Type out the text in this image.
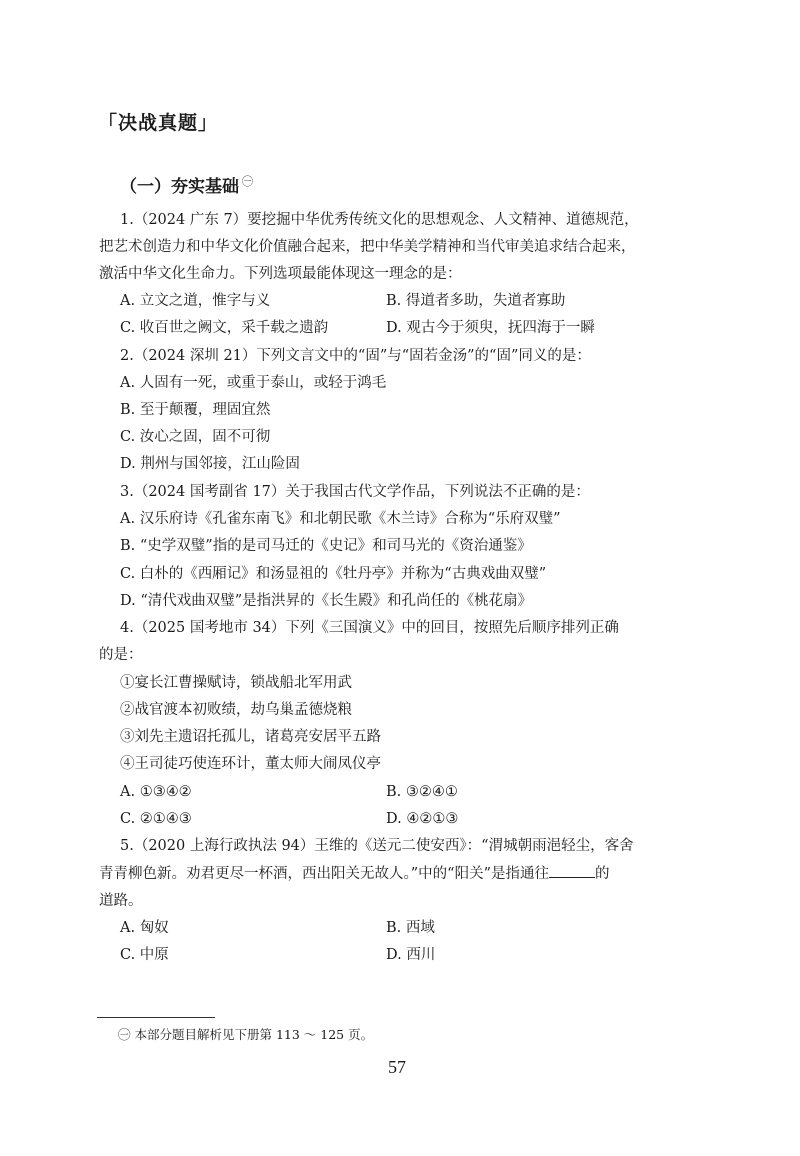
「决战真题」
（一）夯实基础 $^㊀$
1.（2024 广东 7）要挖掘中华优秀传统文化的思想观念、人文精神、道德规范，
把艺术创造力和中华文化价值融合起来，把中华美学精神和当代审美追求结合起来，
激活中华文化生命力。下列选项最能体现这一理念的是：
A. 立文之道，惟字与义	B. 得道者多助，失道者寡助
C. 收百世之阙文，采千载之遗韵	D. 观古今于须臾，抚四海于一瞬
2.（2024 深圳 21）下列文言文中的“固”与“固若金汤”的“固”同义的是：
A. 人固有一死，或重于泰山，或轻于鸿毛
B. 至于颠覆，理固宜然
C. 汝心之固，固不可彻
D. 荆州与国邻接，江山险固
3.（2024 国考副省 17）关于我国古代文学作品，下列说法不正确的是：
A. 汉乐府诗《孔雀东南飞》和北朝民歌《木兰诗》合称为“乐府双璧”
B. “史学双璧”指的是司马迁的《史记》和司马光的《资治通鉴》
C. 白朴的《西厢记》和汤显祖的《牡丹亭》并称为“古典戏曲双璧”
D. “清代戏曲双璧”是指洪昇的《长生殿》和孔尚任的《桃花扇》
4.（2025 国考地市 34）下列《三国演义》中的回目，按照先后顺序排列正确
的是：
①宴长江曹操赋诗，锁战船北军用武
②战官渡本初败绩，劫乌巢孟德烧粮
③刘先主遗诏托孤儿，诸葛亮安居平五路
④王司徒巧使连环计，董太师大闹凤仪亭
A. ①③④②	B. ③②④①
C. ②①④③	D. ④②①③
5.（2020 上海行政执法 94）王维的《送元二使安西》：“渭城朝雨浥轻尘，客舍
青青柳色新。劝君更尽一杯酒，西出阳关无故人。”中的“阳关”是指通往	的
道路。
A. 匈奴	B. 西域
C. 中原	D. 西川
㊀ 本部分题目解析见下册第 113 ～ 125 页。
57
